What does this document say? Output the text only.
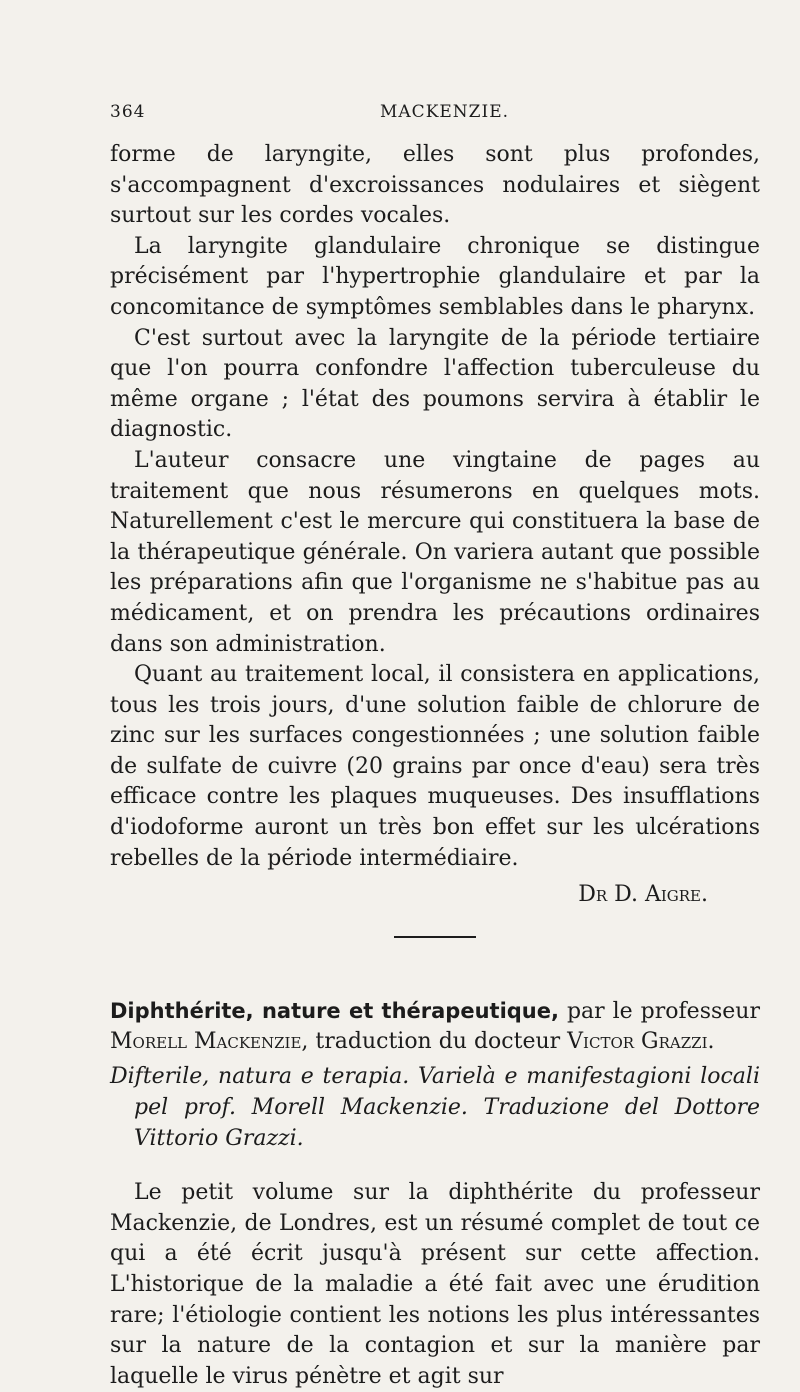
364	MACKENZIE.

forme de laryngite, elles sont plus profondes, s'accompagnent d'excroissances nodulaires et siègent surtout sur les cordes vocales.

La laryngite glandulaire chronique se distingue précisément par l'hypertrophie glandulaire et par la concomitance de symptômes semblables dans le pharynx.

C'est surtout avec la laryngite de la période tertiaire que l'on pourra confondre l'affection tuberculeuse du même organe ; l'état des poumons servira à établir le diagnostic.

L'auteur consacre une vingtaine de pages au traitement que nous résumerons en quelques mots. Naturellement c'est le mercure qui constituera la base de la thérapeutique générale. On variera autant que possible les préparations afin que l'organisme ne s'habitue pas au médicament, et on prendra les précautions ordinaires dans son administration.

Quant au traitement local, il consistera en applications, tous les trois jours, d'une solution faible de chlorure de zinc sur les surfaces congestionnées ; une solution faible de sulfate de cuivre (20 grains par once d'eau) sera très efficace contre les plaques muqueuses. Des insufflations d'iodoforme auront un très bon effet sur les ulcérations rebelles de la période intermédiaire.

Dr D. Aigre.
Diphthérite, nature et thérapeutique, par le professeur Morell Mackenzie, traduction du docteur Victor Grazzi.
Difterile, natura e terapia. Varielà e manifestagioni locali pel prof. Morell Mackenzie. Traduzione del Dottore Vittorio Grazzi.

Le petit volume sur la diphthérite du professeur Mackenzie, de Londres, est un résumé complet de tout ce qui a été écrit jusqu'à présent sur cette affection. L'historique de la maladie a été fait avec une érudition rare; l'étiologie contient les notions les plus intéressantes sur la nature de la contagion et sur la manière par laquelle le virus pénètre et agit sur
